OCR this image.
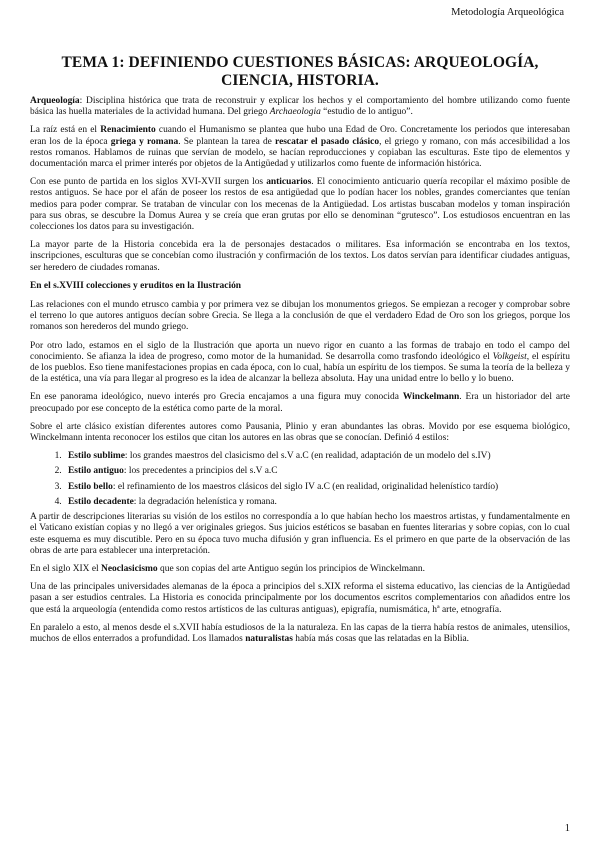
Metodología Arqueológica
TEMA 1: DEFINIENDO CUESTIONES BÁSICAS: ARQUEOLOGÍA, CIENCIA, HISTORIA.

Arqueología: Disciplina histórica que trata de reconstruir y explicar los hechos y el comportamiento del hombre utilizando como fuente básica las huella materiales de la actividad humana. Del griego Archaeologia “estudio de lo antiguo”.

La raíz está en el Renacimiento cuando el Humanismo se plantea que hubo una Edad de Oro. Concretamente los periodos que interesaban eran los de la época griega y romana. Se plantean la tarea de rescatar el pasado clásico, el griego y romano, con más accesibilidad a los restos romanos. Hablamos de ruinas que servían de modelo, se hacían reproducciones y copiaban las esculturas. Este tipo de elementos y documentación marca el primer interés por objetos de la Antigüedad y utilizarlos como fuente de información histórica.

Con ese punto de partida en los siglos XVI-XVII surgen los anticuarios. El conocimiento anticuario quería recopilar el máximo posible de restos antiguos. Se hace por el afán de poseer los restos de esa antigüedad que lo podían hacer los nobles, grandes comerciantes que tenían medios para poder comprar. Se trataban de vincular con los mecenas de la Antigüedad. Los artistas buscaban modelos y toman inspiración para sus obras, se descubre la Domus Aurea y se creía que eran grutas por ello se denominan “grutesco”. Los estudiosos encuentran en las colecciones los datos para su investigación.

La mayor parte de la Historia concebida era la de personajes destacados o militares. Esa información se encontraba en los textos, inscripciones, esculturas que se concebían como ilustración y confirmación de los textos. Los datos servían para identificar ciudades antiguas, ser heredero de ciudades romanas.

En el s.XVIII colecciones y eruditos en la Ilustración

Las relaciones con el mundo etrusco cambia y por primera vez se dibujan los monumentos griegos. Se empiezan a recoger y comprobar sobre el terreno lo que autores antiguos decían sobre Grecia. Se llega a la conclusión de que el verdadero Edad de Oro son los griegos, porque los romanos son herederos del mundo griego.

Por otro lado, estamos en el siglo de la Ilustración que aporta un nuevo rigor en cuanto a las formas de trabajo en todo el campo del conocimiento. Se afianza la idea de progreso, como motor de la humanidad. Se desarrolla como trasfondo ideológico el Volkgeist, el espíritu de los pueblos. Eso tiene manifestaciones propias en cada época, con lo cual, había un espíritu de los tiempos. Se suma la teoría de la belleza y de la estética, una vía para llegar al progreso es la idea de alcanzar la belleza absoluta. Hay una unidad entre lo bello y lo bueno.

En ese panorama ideológico, nuevo interés pro Grecia encajamos a una figura muy conocida Winckelmann. Era un historiador del arte preocupado por ese concepto de la estética como parte de la moral.

Sobre el arte clásico existían diferentes autores como Pausania, Plinio y eran abundantes las obras. Movido por ese esquema biológico, Winckelmann intenta reconocer los estilos que citan los autores en las obras que se conocían. Definió 4 estilos:

1. Estilo sublime: los grandes maestros del clasicismo del s.V a.C (en realidad, adaptación de un modelo del s.IV)
2. Estilo antiguo: los precedentes a principios del s.V a.C
3. Estilo bello: el refinamiento de los maestros clásicos del siglo IV a.C (en realidad, originalidad helenístico tardío)
4. Estilo decadente: la degradación helenística y romana.

A partir de descripciones literarias su visión de los estilos no correspondía a lo que habían hecho los maestros artistas, y fundamentalmente en el Vaticano existían copias y no llegó a ver originales griegos. Sus juicios estéticos se basaban en fuentes literarias y sobre copias, con lo cual este esquema es muy discutible. Pero en su época tuvo mucha difusión y gran influencia. Es el primero en que parte de la observación de las obras de arte para establecer una interpretación.

En el siglo XIX el Neoclasicismo que son copias del arte Antiguo según los principios de Winckelmann.

Una de las principales universidades alemanas de la época a principios del s.XIX reforma el sistema educativo, las ciencias de la Antigüedad pasan a ser estudios centrales. La Historia es conocida principalmente por los documentos escritos complementarios con añadidos entre los que está la arqueología (entendida como restos artísticos de las culturas antiguas), epigrafía, numismática, hª arte, etnografía.

En paralelo a esto, al menos desde el s.XVII había estudiosos de la la naturaleza. En las capas de la tierra había restos de animales, utensilios, muchos de ellos enterrados a profundidad. Los llamados naturalistas había más cosas que las relatadas en la Biblia.

1
